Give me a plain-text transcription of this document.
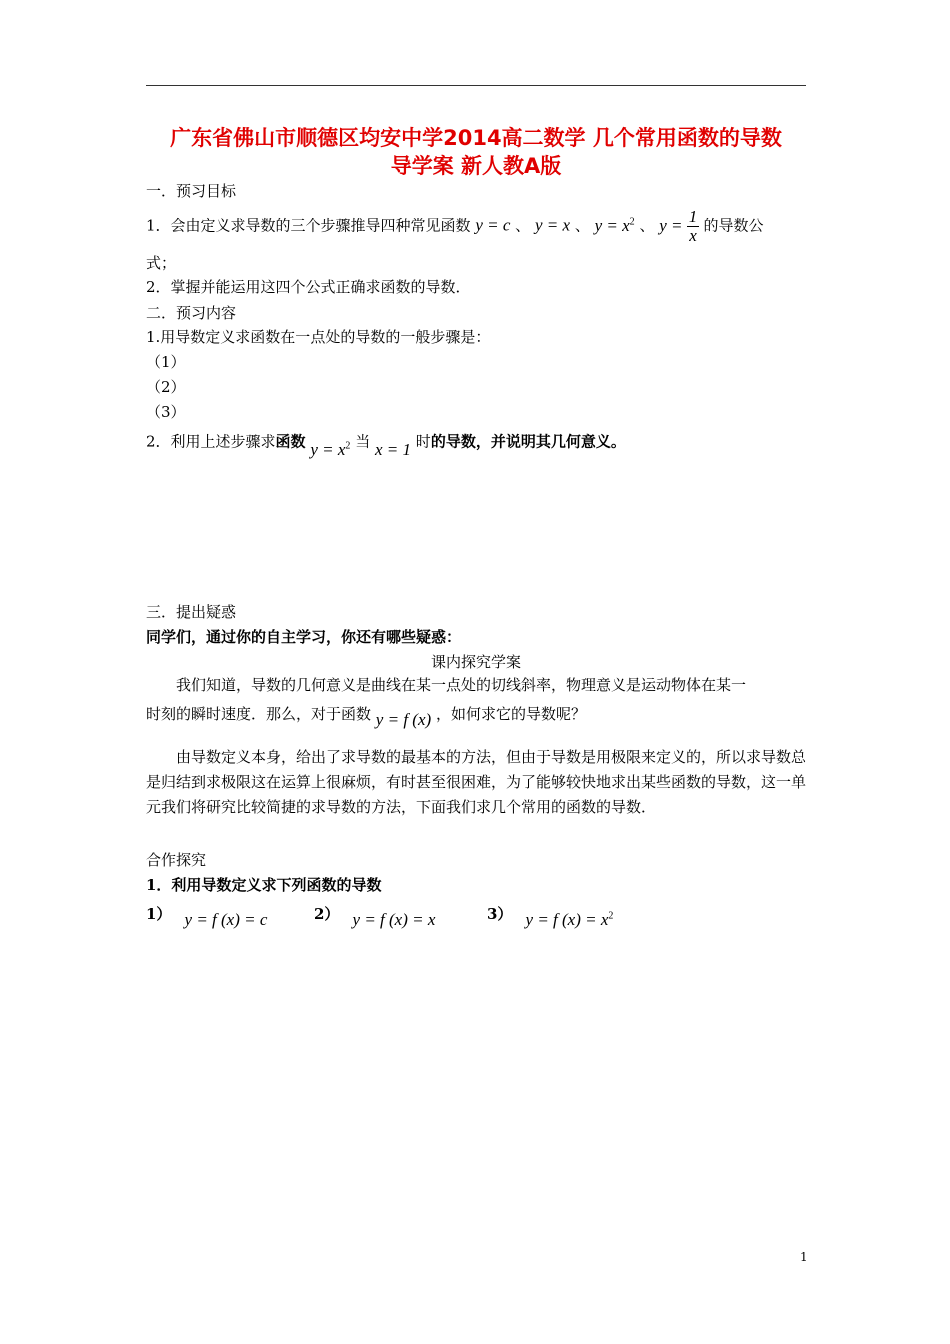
广东省佛山市顺德区均安中学2014高二数学 几个常用函数的导数
导学案 新人教A版
一．预习目标
1．会由定义求导数的三个步骤推导四种常见函数 y = c 、 y = x 、 $y = x^2$ 、 $y = \frac{1}{x}$ 的导数公
式；
2．掌握并能运用这四个公式正确求函数的导数．
二．预习内容
1.用导数定义求函数在一点处的导数的一般步骤是：
（1）
（2）
（3）
2．利用上述步骤求函数 $y = x^2$ 当 x = 1 时的导数，并说明其几何意义。
三．提出疑惑
同学们，通过你的自主学习，你还有哪些疑惑：
课内探究学案
我们知道，导数的几何意义是曲线在某一点处的切线斜率，物理意义是运动物体在某一
时刻的瞬时速度．那么，对于函数 y = f (x) ，如何求它的导数呢？
由导数定义本身，给出了求导数的最基本的方法，但由于导数是用极限来定义的，所以求导数总是归结到求极限这在运算上很麻烦，有时甚至很困难，为了能够较快地求出某些函数的导数，这一单元我们将研究比较简捷的求导数的方法，下面我们求几个常用的函数的导数．
合作探究
1．利用导数定义求下列函数的导数
1） y = f (x) = c	2） y = f (x) = x	3） y = f $(x) = x^2$
1
